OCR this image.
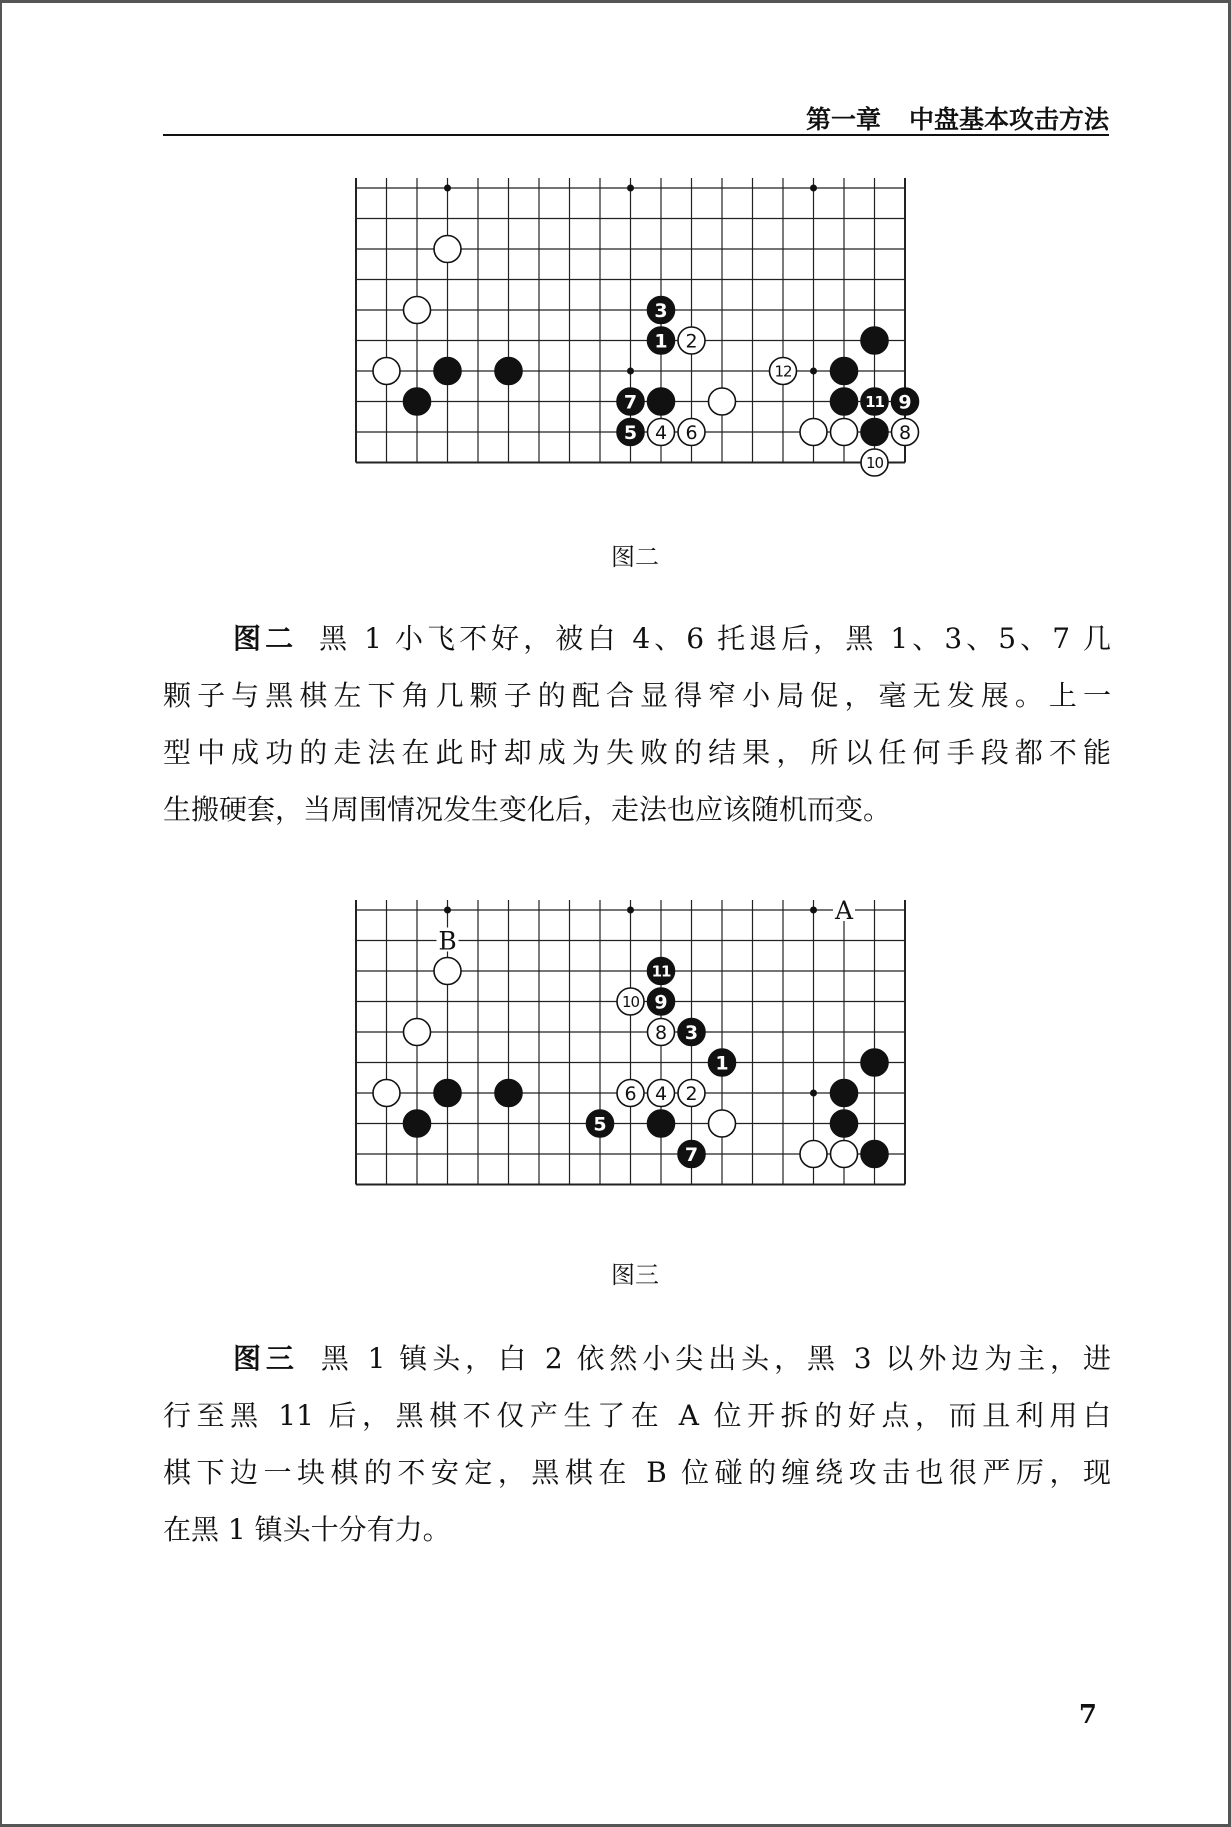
第一章 中盘基本攻击方法
3
1 2
7
5 4 6
12
11 9
8
10
图二
图二 黑 1 小飞不好，被白 4、6 托退后，黑 1、3、5、7 几
颗子与黑棋左下角几颗子的配合显得窄小局促，毫无发展。上一
型中成功的走法在此时却成为失败的结果，所以任何手段都不能
生搬硬套，当周围情况发生变化后，走法也应该随机而变。
A
B
11
10 9
8 3
1
6 4 2
5
7
图三
图三 黑 1 镇头，白 2 依然小尖出头，黑 3 以外边为主，进
行至黑 11 后，黑棋不仅产生了在 A 位开拆的好点，而且利用白
棋下边一块棋的不安定，黑棋在 B 位碰的缠绕攻击也很严厉，现
在黑 1 镇头十分有力。
7
